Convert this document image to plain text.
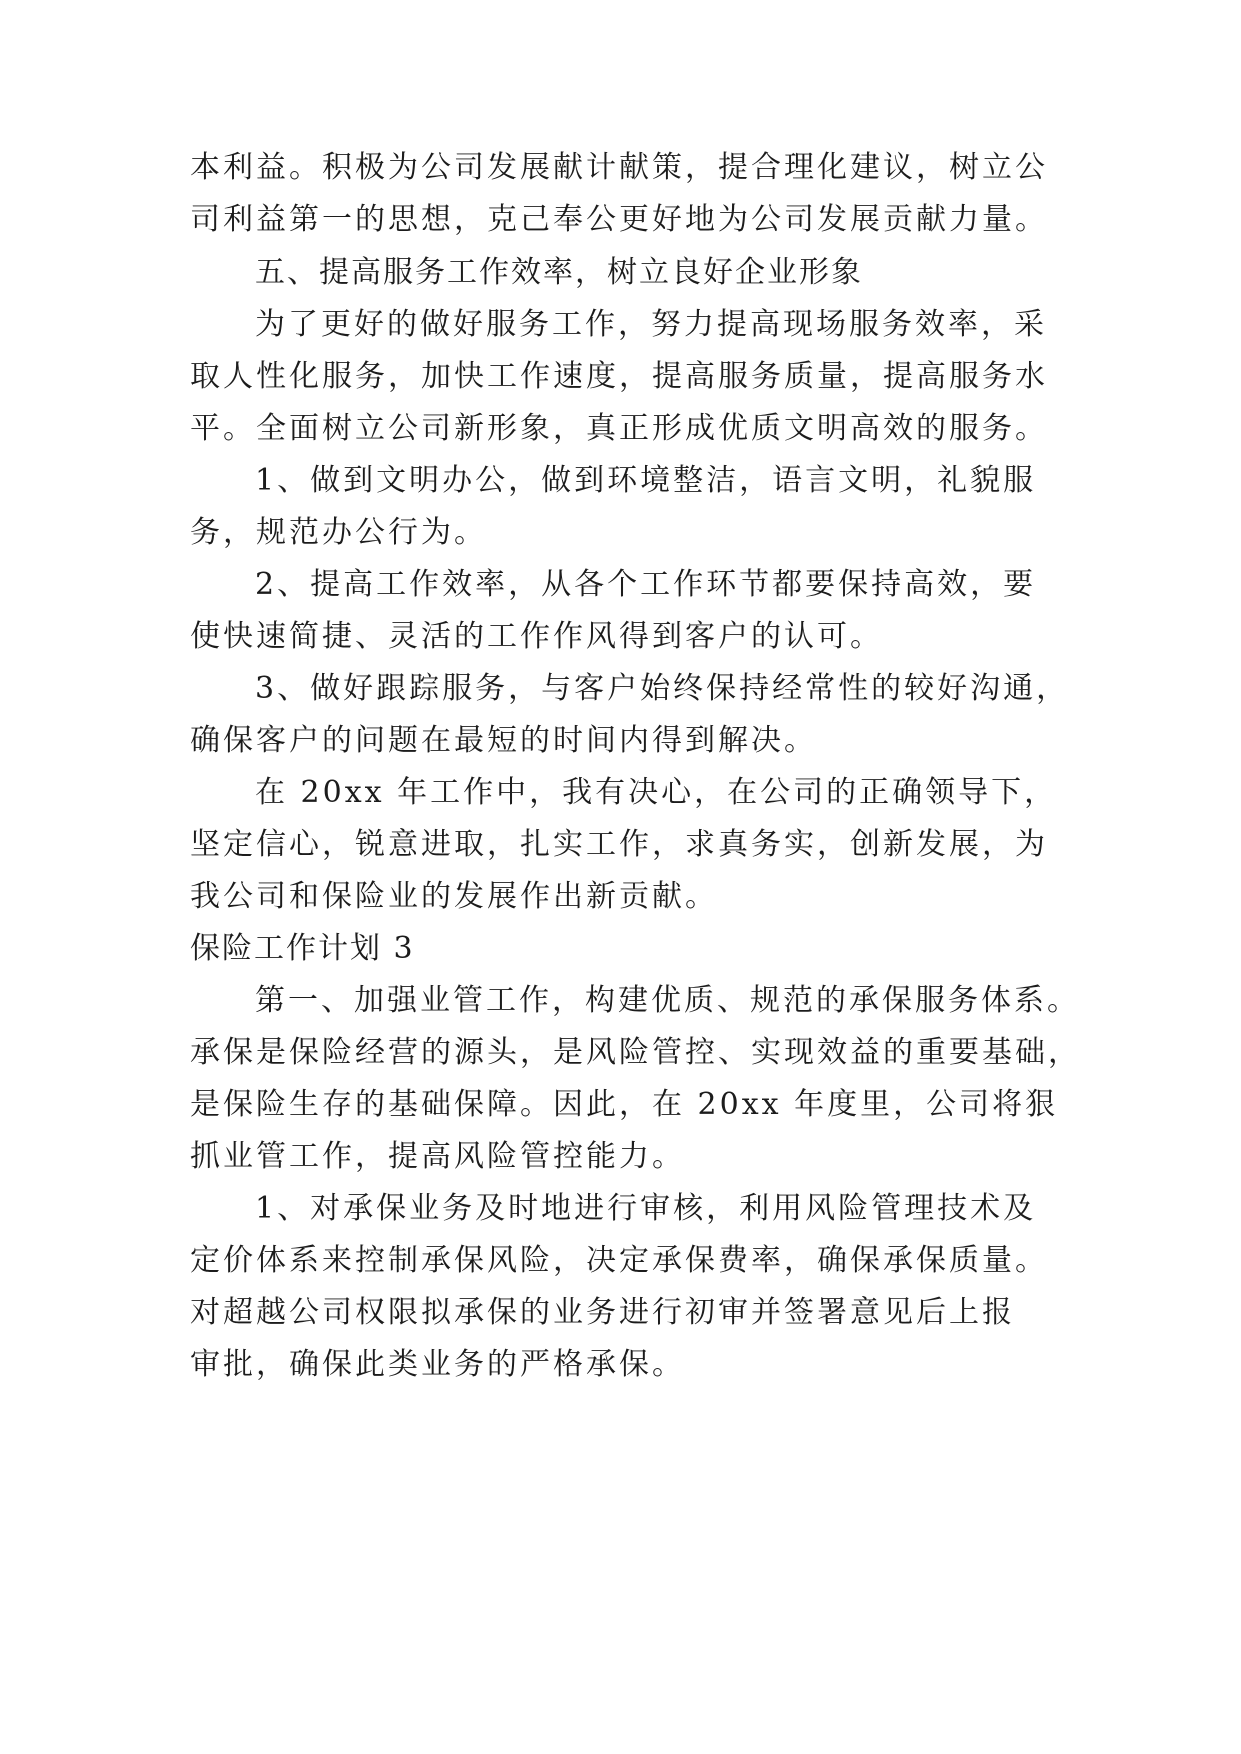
本利益。积极为公司发展献计献策，提合理化建议，树立公
司利益第一的思想，克己奉公更好地为公司发展贡献力量。
五、提高服务工作效率，树立良好企业形象
为了更好的做好服务工作，努力提高现场服务效率，采
取人性化服务，加快工作速度，提高服务质量，提高服务水
平。全面树立公司新形象，真正形成优质文明高效的服务。
1、做到文明办公，做到环境整洁，语言文明，礼貌服
务，规范办公行为。
2、提高工作效率，从各个工作环节都要保持高效，要
使快速简捷、灵活的工作作风得到客户的认可。
3、做好跟踪服务，与客户始终保持经常性的较好沟通，
确保客户的问题在最短的时间内得到解决。
在 20xx 年工作中，我有决心，在公司的正确领导下，
坚定信心，锐意进取，扎实工作，求真务实，创新发展，为
我公司和保险业的发展作出新贡献。
保险工作计划 3
第一、加强业管工作，构建优质、规范的承保服务体系。
承保是保险经营的源头，是风险管控、实现效益的重要基础，
是保险生存的基础保障。因此，在 20xx 年度里，公司将狠
抓业管工作，提高风险管控能力。
1、对承保业务及时地进行审核，利用风险管理技术及
定价体系来控制承保风险，决定承保费率，确保承保质量。
对超越公司权限拟承保的业务进行初审并签署意见后上报
审批，确保此类业务的严格承保。
